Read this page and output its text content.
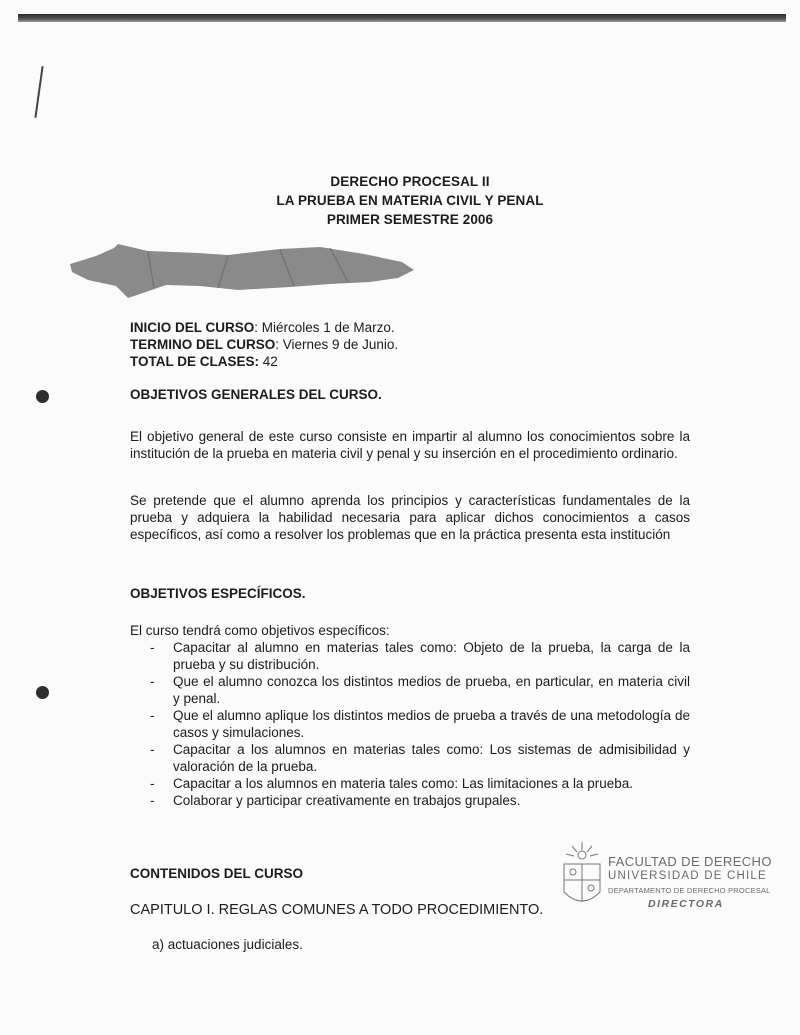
DERECHO PROCESAL II
LA PRUEBA EN MATERIA CIVIL Y PENAL
PRIMER SEMESTRE 2006
INICIO DEL CURSO: Miércoles 1 de Marzo.
TERMINO DEL CURSO: Viernes 9 de Junio.
TOTAL DE CLASES: 42
OBJETIVOS GENERALES DEL CURSO.

El objetivo general de este curso consiste en impartir al alumno los conocimientos sobre la institución de la prueba en materia civil y penal y su inserción en el procedimiento ordinario.

Se pretende que el alumno aprenda los principios y características fundamentales de la prueba y adquiera la habilidad necesaria para aplicar dichos conocimientos a casos específicos, así como a resolver los problemas que en la práctica presenta esta institución

OBJETIVOS ESPECÍFICOS.
El curso tendrá como objetivos específicos:
- Capacitar al alumno en materias tales como: Objeto de la prueba, la carga de la prueba y su distribución.
- Que el alumno conozca los distintos medios de prueba, en particular, en materia civil y penal.
- Que el alumno aplique los distintos medios de prueba a través de una metodología de casos y simulaciones.
- Capacitar a los alumnos en materias tales como: Los sistemas de admisibilidad y valoración de la prueba.
- Capacitar a los alumnos en materia tales como: Las limitaciones a la prueba.
- Colaborar y participar creativamente en trabajos grupales.
CONTENIDOS DEL CURSO
CAPITULO I. REGLAS COMUNES A TODO PROCEDIMIENTO.
a) actuaciones judiciales.
FACULTAD DE DERECHO
UNIVERSIDAD DE CHILE
DEPARTAMENTO DE DERECHO PROCESAL
DIRECTORA
